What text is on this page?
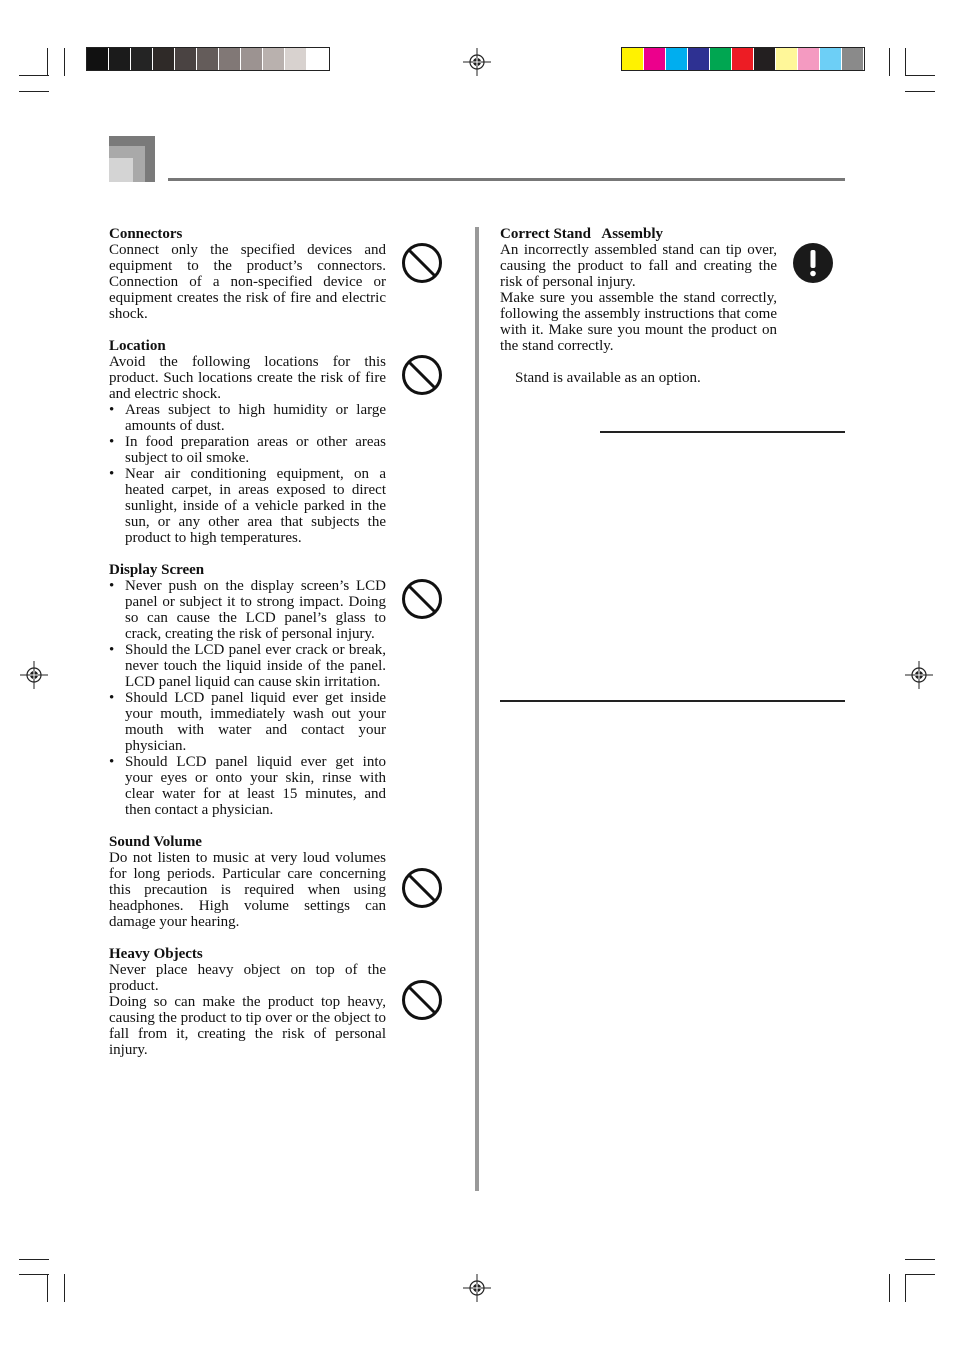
Connectors

Connect only the specified devices and equipment to the product’s connectors. Connection of a non-specified device or equipment creates the risk of fire and electric shock.

Location

Avoid the following locations for this product. Such locations create the risk of fire and electric shock.

• Areas subject to high humidity or large amounts of dust.
• In food preparation areas or other areas subject to oil smoke.
• Near air conditioning equipment, on a heated carpet, in areas exposed to direct sunlight, inside of a vehicle parked in the sun, or any other area that subjects the product to high temperatures.

Display Screen

• Never push on the display screen’s LCD panel or subject it to strong impact. Doing so can cause the LCD panel’s glass to crack, creating the risk of personal injury.
• Should the LCD panel ever crack or break, never touch the liquid inside of the panel. LCD panel liquid can cause skin irritation.
• Should LCD panel liquid ever get inside your mouth, immediately wash out your mouth with water and contact your physician.
• Should LCD panel liquid ever get into your eyes or onto your skin, rinse with clear water for at least 15 minutes, and then contact a physician.

Sound Volume

Do not listen to music at very loud volumes for long periods. Particular care concerning this precaution is required when using headphones. High volume settings can damage your hearing.

Heavy Objects

Never place heavy object on top of the product.

Doing so can make the product top heavy, causing the product to tip over or the object to fall from it, creating the risk of personal injury.

Correct Stand   Assembly

An incorrectly assembled stand can tip over, causing the product to fall and creating the risk of personal injury.

Make sure you assemble the stand correctly, following the assembly instructions that come with it. Make sure you mount the product on the stand correctly.

Stand is available as an option.
